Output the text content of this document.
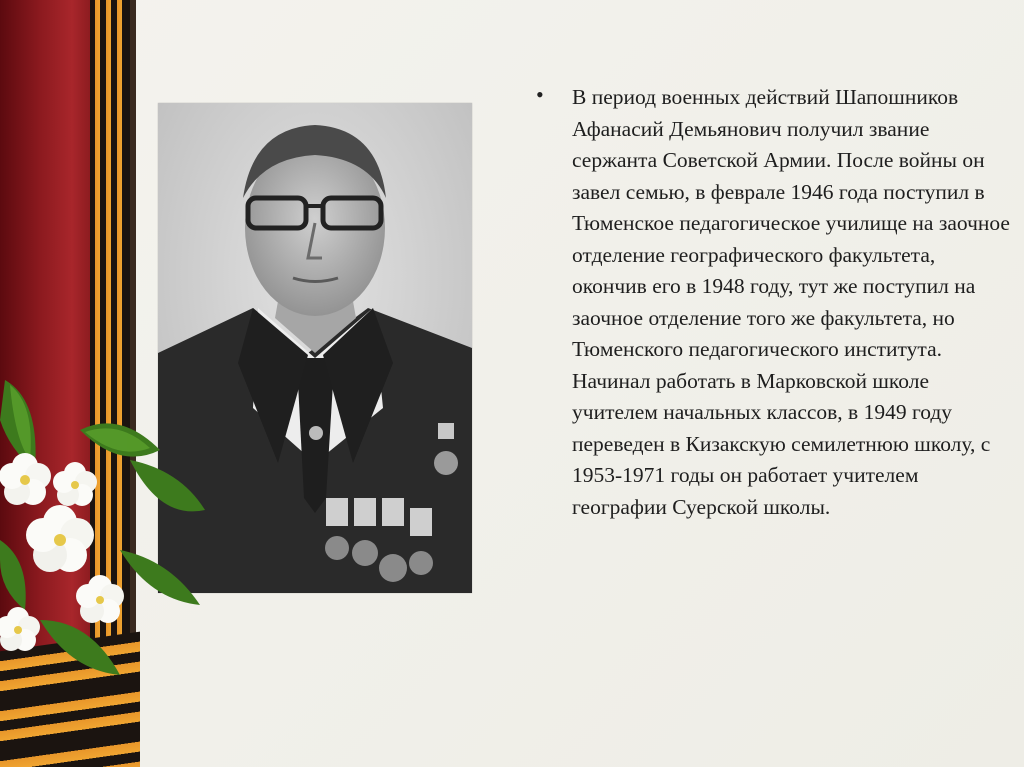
• В период военных действий Шапошников Афанасий Демьянович получил звание сержанта Советской Армии. После войны он завел семью, в феврале 1946 года поступил в Тюменское педагогическое училище на заочное отделение географического факультета, окончив его в 1948 году, тут же поступил на заочное отделение того же факультета, но Тюменского педагогического института. Начинал работать в Марковской школе учителем начальных классов, в 1949 году переведен в Кизакскую семилетнюю школу, с 1953-1971 годы он работает учителем географии Суерской школы.
